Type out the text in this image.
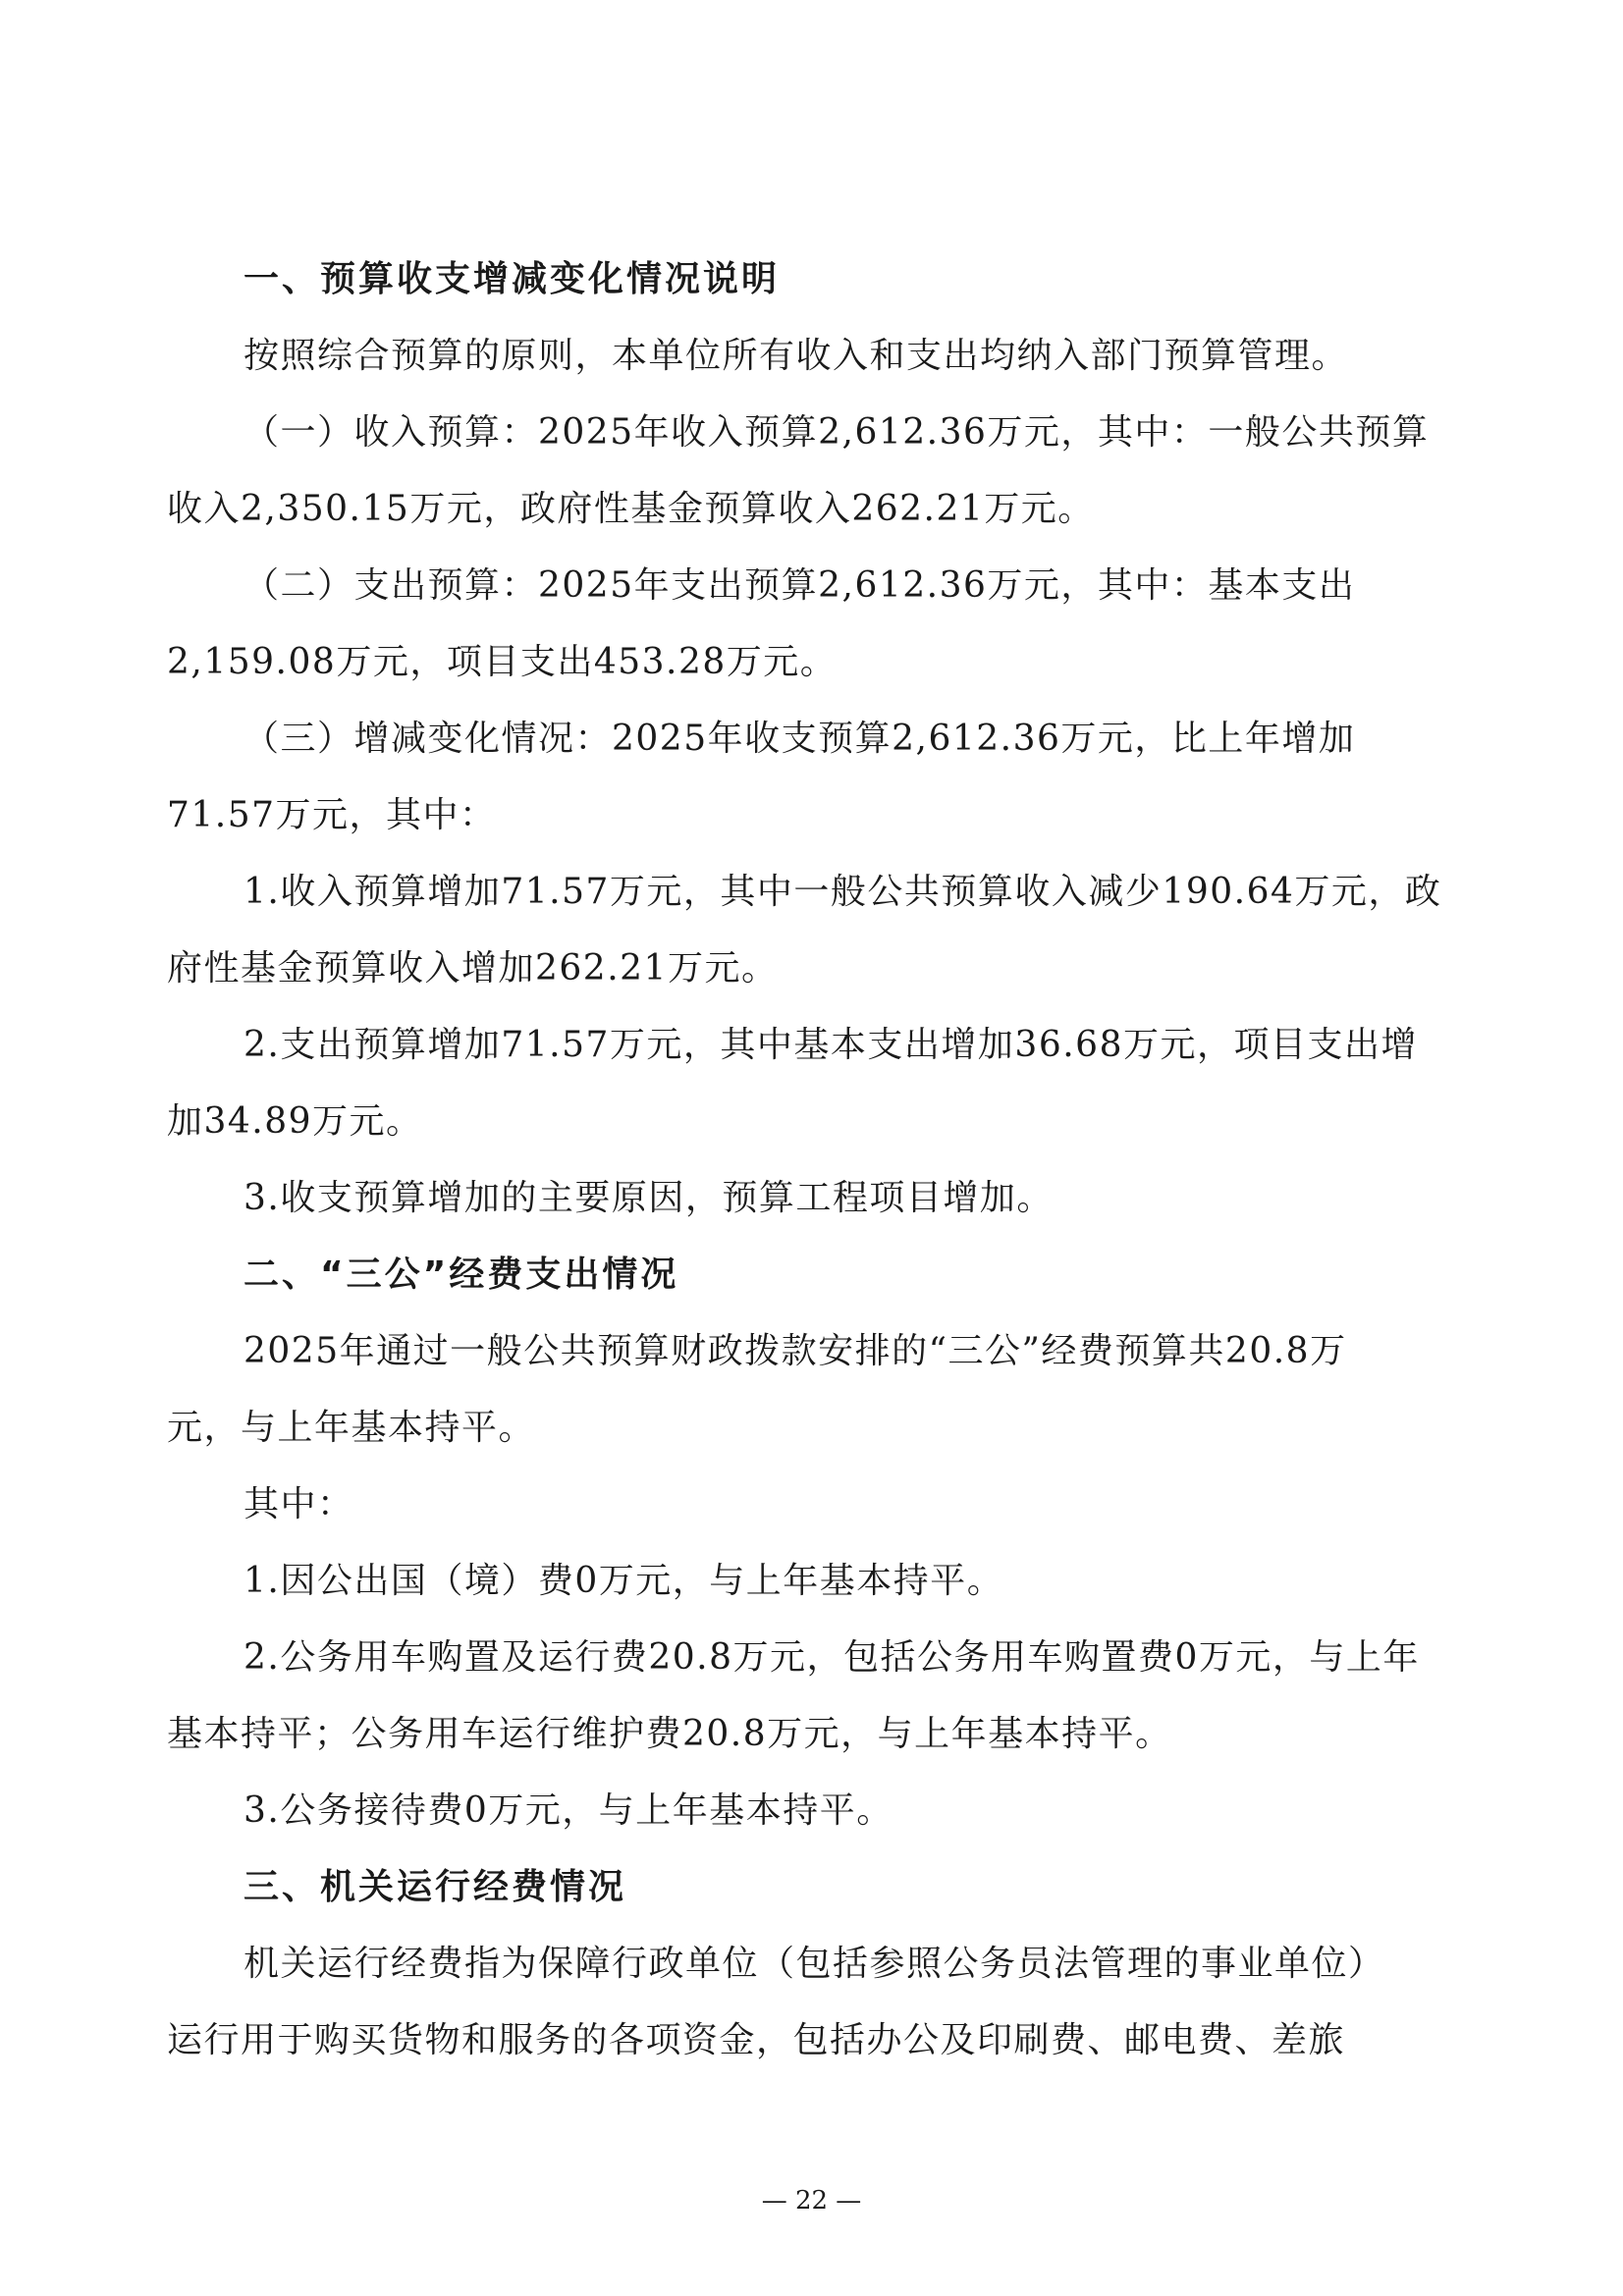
一、预算收支增减变化情况说明
按照综合预算的原则，本单位所有收入和支出均纳入部门预算管理。
（一）收入预算：2025年收入预算2,612.36万元，其中：一般公共预算
收入2,350.15万元，政府性基金预算收入262.21万元。
（二）支出预算：2025年支出预算2,612.36万元，其中：基本支出
2,159.08万元，项目支出453.28万元。
（三）增减变化情况：2025年收支预算2,612.36万元，比上年增加
71.57万元，其中：
1.收入预算增加71.57万元，其中一般公共预算收入减少190.64万元，政
府性基金预算收入增加262.21万元。
2.支出预算增加71.57万元，其中基本支出增加36.68万元，项目支出增
加34.89万元。
3.收支预算增加的主要原因，预算工程项目增加。
二、“三公”经费支出情况
2025年通过一般公共预算财政拨款安排的“三公”经费预算共20.8万
元，与上年基本持平。
其中：
1.因公出国（境）费0万元，与上年基本持平。
2.公务用车购置及运行费20.8万元，包括公务用车购置费0万元，与上年
基本持平；公务用车运行维护费20.8万元，与上年基本持平。
3.公务接待费0万元，与上年基本持平。
三、机关运行经费情况
机关运行经费指为保障行政单位（包括参照公务员法管理的事业单位）
运行用于购买货物和服务的各项资金，包括办公及印刷费、邮电费、差旅
— 22 —
